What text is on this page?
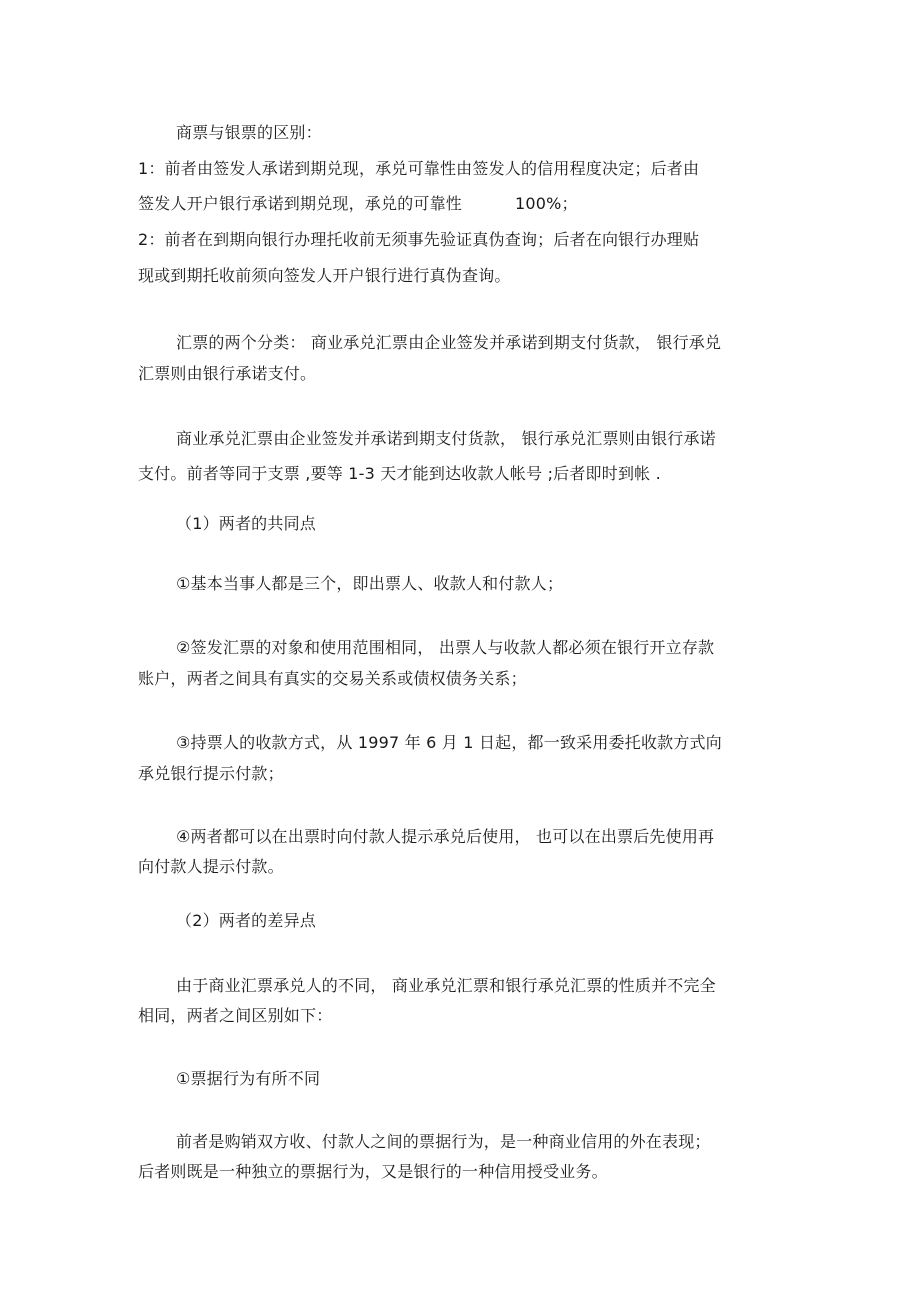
商票与银票的区别：
1：前者由签发人承诺到期兑现，承兑可靠性由签发人的信用程度决定；后者由
签发人开户银行承诺到期兑现，承兑的可靠性	100%；
2：前者在到期向银行办理托收前无须事先验证真伪查询；后者在向银行办理贴
现或到期托收前须向签发人开户银行进行真伪查询。
汇票的两个分类： 商业承兑汇票由企业签发并承诺到期支付货款， 银行承兑
汇票则由银行承诺支付。
商业承兑汇票由企业签发并承诺到期支付货款， 银行承兑汇票则由银行承诺
支付。前者等同于支票 ,要等 1-3 天才能到达收款人帐号 ;后者即时到帐 .
（1）两者的共同点
①基本当事人都是三个，即出票人、收款人和付款人；
②签发汇票的对象和使用范围相同， 出票人与收款人都必须在银行开立存款
账户，两者之间具有真实的交易关系或债权债务关系；
③持票人的收款方式，从 1997 年 6 月 1 日起，都一致采用委托收款方式向
承兑银行提示付款；
④两者都可以在出票时向付款人提示承兑后使用， 也可以在出票后先使用再
向付款人提示付款。
（2）两者的差异点
由于商业汇票承兑人的不同， 商业承兑汇票和银行承兑汇票的性质并不完全
相同，两者之间区别如下：
①票据行为有所不同
前者是购销双方收、付款人之间的票据行为，是一种商业信用的外在表现；
后者则既是一种独立的票据行为，又是银行的一种信用授受业务。
